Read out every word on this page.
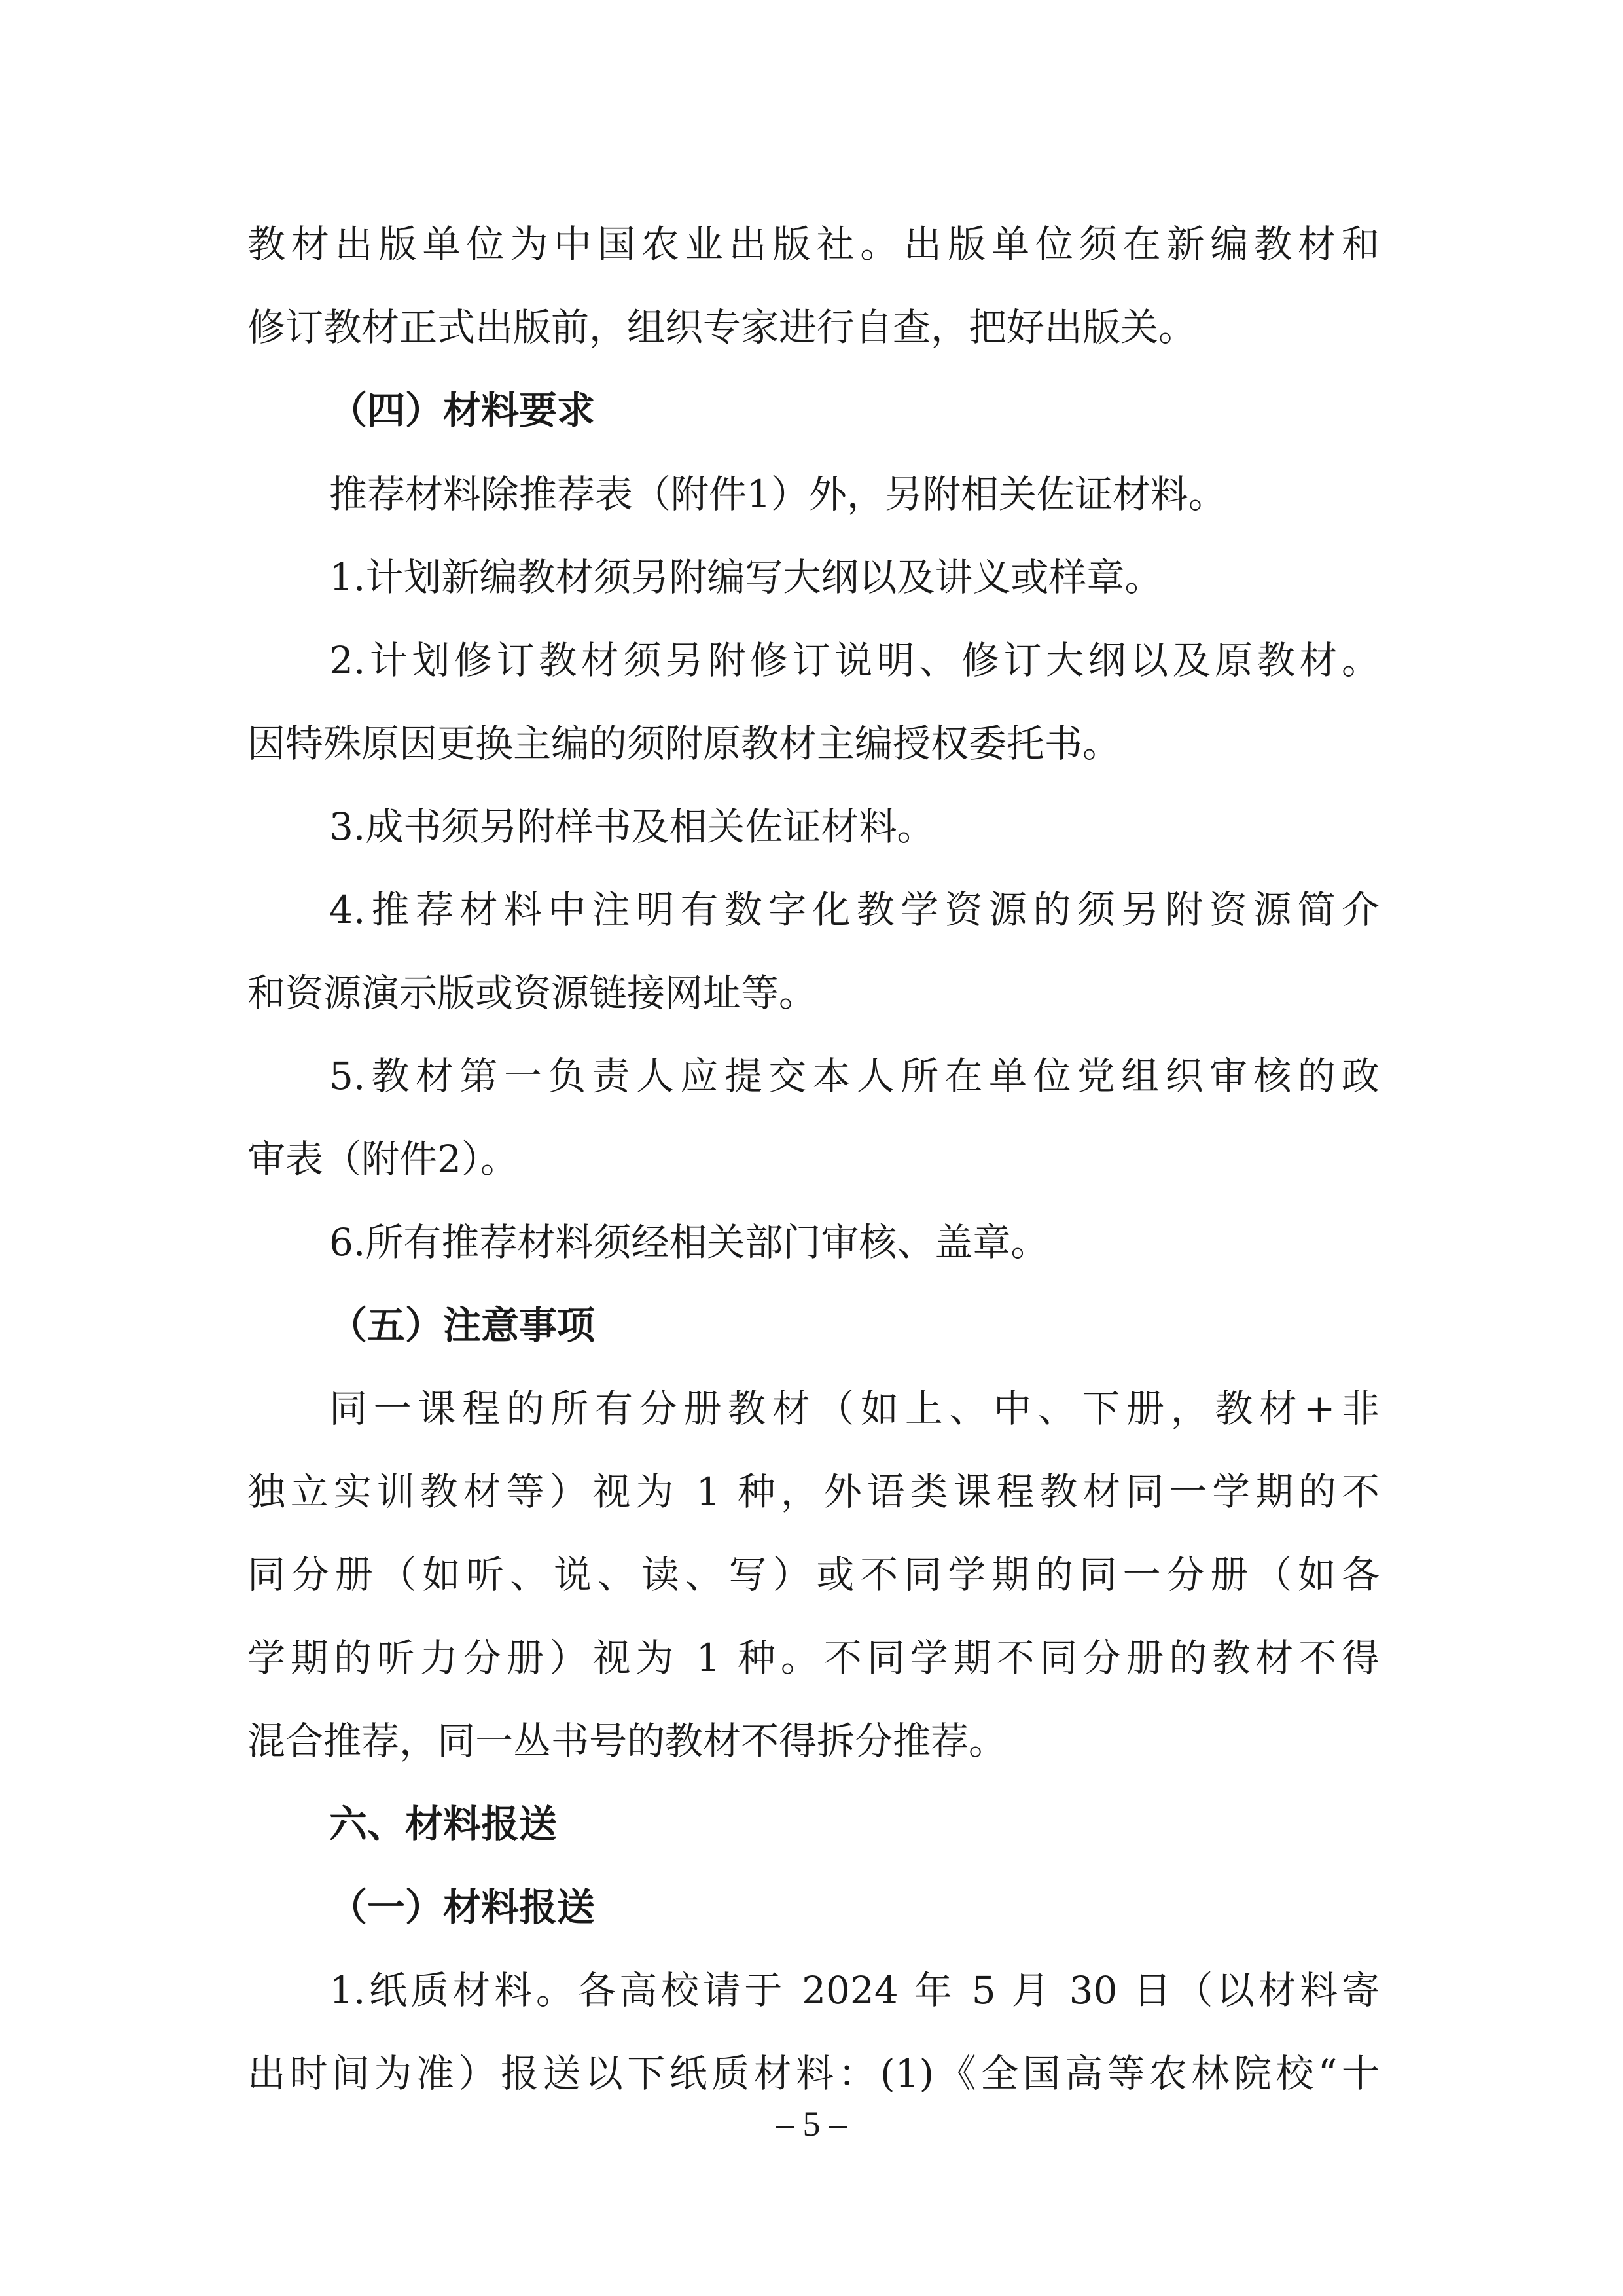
教材出版单位为中国农业出版社。出版单位须在新编教材和
修订教材正式出版前，组织专家进行自查，把好出版关。
（四）材料要求
推荐材料除推荐表（附件1）外，另附相关佐证材料。
1.计划新编教材须另附编写大纲以及讲义或样章。
2.计划修订教材须另附修订说明、修订大纲以及原教材。
因特殊原因更换主编的须附原教材主编授权委托书。
3.成书须另附样书及相关佐证材料。
4.推荐材料中注明有数字化教学资源的须另附资源简介
和资源演示版或资源链接网址等。
5.教材第一负责人应提交本人所在单位党组织审核的政
审表（附件2）。
6.所有推荐材料须经相关部门审核、盖章。
（五）注意事项
同一课程的所有分册教材（如上、中、下册，教材+非
独立实训教材等）视为 1 种，外语类课程教材同一学期的不
同分册（如听、说、读、写）或不同学期的同一分册（如各
学期的听力分册）视为 1 种。不同学期不同分册的教材不得
混合推荐，同一丛书号的教材不得拆分推荐。
六、材料报送
（一）材料报送
1.纸质材料。各高校请于 2024 年 5 月 30 日（以材料寄
出时间为准）报送以下纸质材料：(1)《全国高等农林院校“十
– 5 –
